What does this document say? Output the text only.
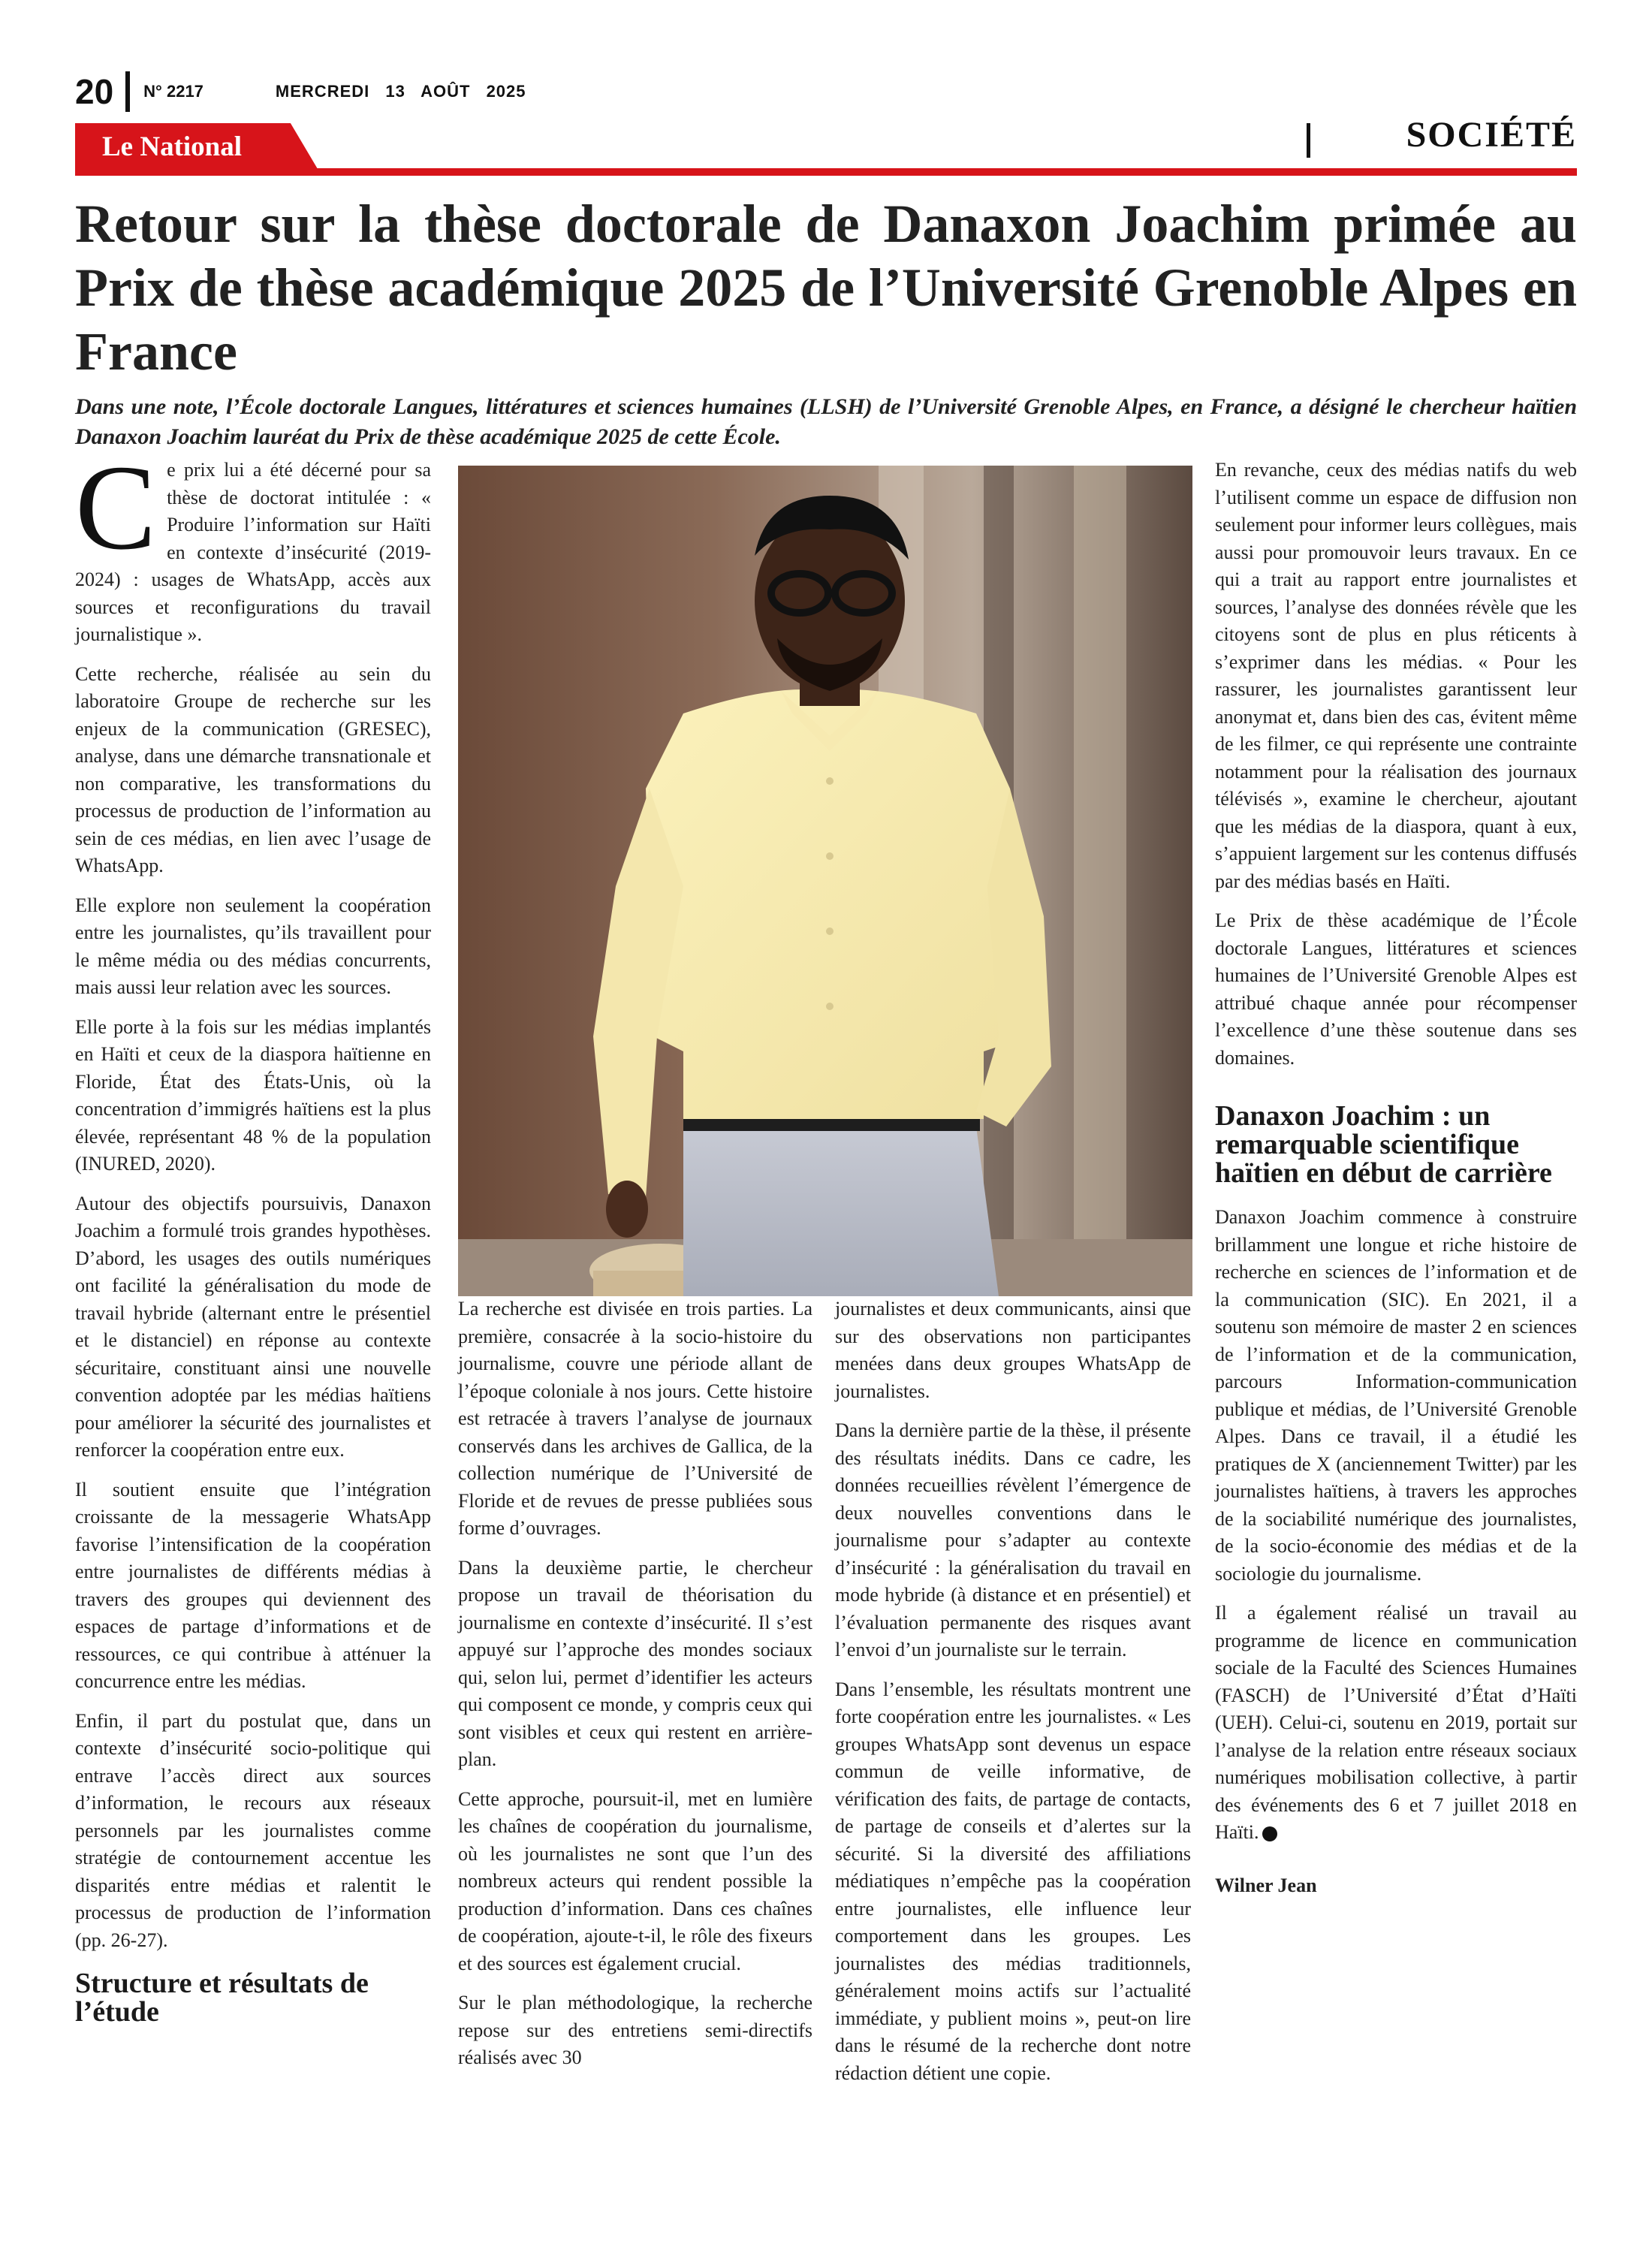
20 N° 2217	MERCREDI 13 AOÛT 2025
Le National	SOCIÉTÉ
Retour sur la thèse doctorale de Danaxon Joachim primée au Prix de thèse académique 2025 de l’Université Grenoble Alpes en France

Dans une note, l’École doctorale Langues, littératures et sciences humaines (LLSH) de l’Université Grenoble Alpes, en France, a désigné le chercheur haïtien Danaxon Joachim lauréat du Prix de thèse académique 2025 de cette École.

Ce prix lui a été décerné pour sa thèse de doctorat intitulée : « Produire l’information sur Haïti en contexte d’insécurité (2019-2024) : usages de WhatsApp, accès aux sources et reconfigurations du travail journalistique ».

Cette recherche, réalisée au sein du laboratoire Groupe de recherche sur les enjeux de la communication (GRESEC), analyse, dans une démarche transnationale et non comparative, les transformations du processus de production de l’information au sein de ces médias, en lien avec l’usage de WhatsApp.

Elle explore non seulement la coopération entre les journalistes, qu’ils travaillent pour le même média ou des médias concurrents, mais aussi leur relation avec les sources.

Elle porte à la fois sur les médias implantés en Haïti et ceux de la diaspora haïtienne en Floride, État des États-Unis, où la concentration d’immigrés haïtiens est la plus élevée, représentant 48 % de la population (INURED, 2020).

Autour des objectifs poursuivis, Danaxon Joachim a formulé trois grandes hypothèses. D’abord, les usages des outils numériques ont facilité la généralisation du mode de travail hybride (alternant entre le présentiel et le distanciel) en réponse au contexte sécuritaire, constituant ainsi une nouvelle convention adoptée par les médias haïtiens pour améliorer la sécurité des journalistes et renforcer la coopération entre eux.

Il soutient ensuite que l’intégration croissante de la messagerie WhatsApp favorise l’intensification de la coopération entre journalistes de différents médias à travers des groupes qui deviennent des espaces de partage d’informations et de ressources, ce qui contribue à atténuer la concurrence entre les médias.

Enfin, il part du postulat que, dans un contexte d’insécurité socio-politique qui entrave l’accès direct aux sources d’information, le recours aux réseaux personnels par les journalistes comme stratégie de contournement accentue les disparités entre médias et ralentit le processus de production de l’information (pp. 26-27).

Structure et résultats de l’étude

La recherche est divisée en trois parties. La première, consacrée à la socio-histoire du journalisme, couvre une période allant de l’époque coloniale à nos jours. Cette histoire est retracée à travers l’analyse de journaux conservés dans les archives de Gallica, de la collection numérique de l’Université de Floride et de revues de presse publiées sous forme d’ouvrages.

Dans la deuxième partie, le chercheur propose un travail de théorisation du journalisme en contexte d’insécurité. Il s’est appuyé sur l’approche des mondes sociaux qui, selon lui, permet d’identifier les acteurs qui composent ce monde, y compris ceux qui sont visibles et ceux qui restent en arrière-plan.

Cette approche, poursuit-il, met en lumière les chaînes de coopération du journalisme, où les journalistes ne sont que l’un des nombreux acteurs qui rendent possible la production d’information. Dans ces chaînes de coopération, ajoute-t-il, le rôle des fixeurs et des sources est également crucial.

Sur le plan méthodologique, la recherche repose sur des entretiens semi-directifs réalisés avec 30

journalistes et deux communicants, ainsi que sur des observations non participantes menées dans deux groupes WhatsApp de journalistes.

Dans la dernière partie de la thèse, il présente des résultats inédits. Dans ce cadre, les données recueillies révèlent l’émergence de deux nouvelles conventions dans le journalisme pour s’adapter au contexte d’insécurité : la généralisation du travail en mode hybride (à distance et en présentiel) et l’évaluation permanente des risques avant l’envoi d’un journaliste sur le terrain.

Dans l’ensemble, les résultats montrent une forte coopération entre les journalistes. « Les groupes WhatsApp sont devenus un espace commun de veille informative, de vérification des faits, de partage de contacts, de partage de conseils et d’alertes sur la sécurité. Si la diversité des affiliations médiatiques n’empêche pas la coopération entre journalistes, elle influence leur comportement dans les groupes. Les journalistes des médias traditionnels, généralement moins actifs sur l’actualité immédiate, y publient moins », peut-on lire dans le résumé de la recherche dont notre rédaction détient une copie.

En revanche, ceux des médias natifs du web l’utilisent comme un espace de diffusion non seulement pour informer leurs collègues, mais aussi pour promouvoir leurs travaux. En ce qui a trait au rapport entre journalistes et sources, l’analyse des données révèle que les citoyens sont de plus en plus réticents à s’exprimer dans les médias. « Pour les rassurer, les journalistes garantissent leur anonymat et, dans bien des cas, évitent même de les filmer, ce qui représente une contrainte notamment pour la réalisation des journaux télévisés », examine le chercheur, ajoutant que les médias de la diaspora, quant à eux, s’appuient largement sur les contenus diffusés par des médias basés en Haïti.

Le Prix de thèse académique de l’École doctorale Langues, littératures et sciences humaines de l’Université Grenoble Alpes est attribué chaque année pour récompenser l’excellence d’une thèse soutenue dans ses domaines.

Danaxon Joachim : un remarquable scientifique haïtien en début de carrière

Danaxon Joachim commence à construire brillamment une longue et riche histoire de recherche en sciences de l’information et de la communication (SIC). En 2021, il a soutenu son mémoire de master 2 en sciences de l’information et de la communication, parcours Information-communication publique et médias, de l’Université Grenoble Alpes. Dans ce travail, il a étudié les pratiques de X (anciennement Twitter) par les journalistes haïtiens, à travers les approches de la sociabilité numérique des journalistes, de la socio-économie des médias et de la sociologie du journalisme.

Il a également réalisé un travail au programme de licence en communication sociale de la Faculté des Sciences Humaines (FASCH) de l’Université d’État d’Haïti (UEH). Celui-ci, soutenu en 2019, portait sur l’analyse de la relation entre réseaux sociaux numériques mobilisation collective, à partir des événements des 6 et 7 juillet 2018 en Haïti.

Wilner Jean
